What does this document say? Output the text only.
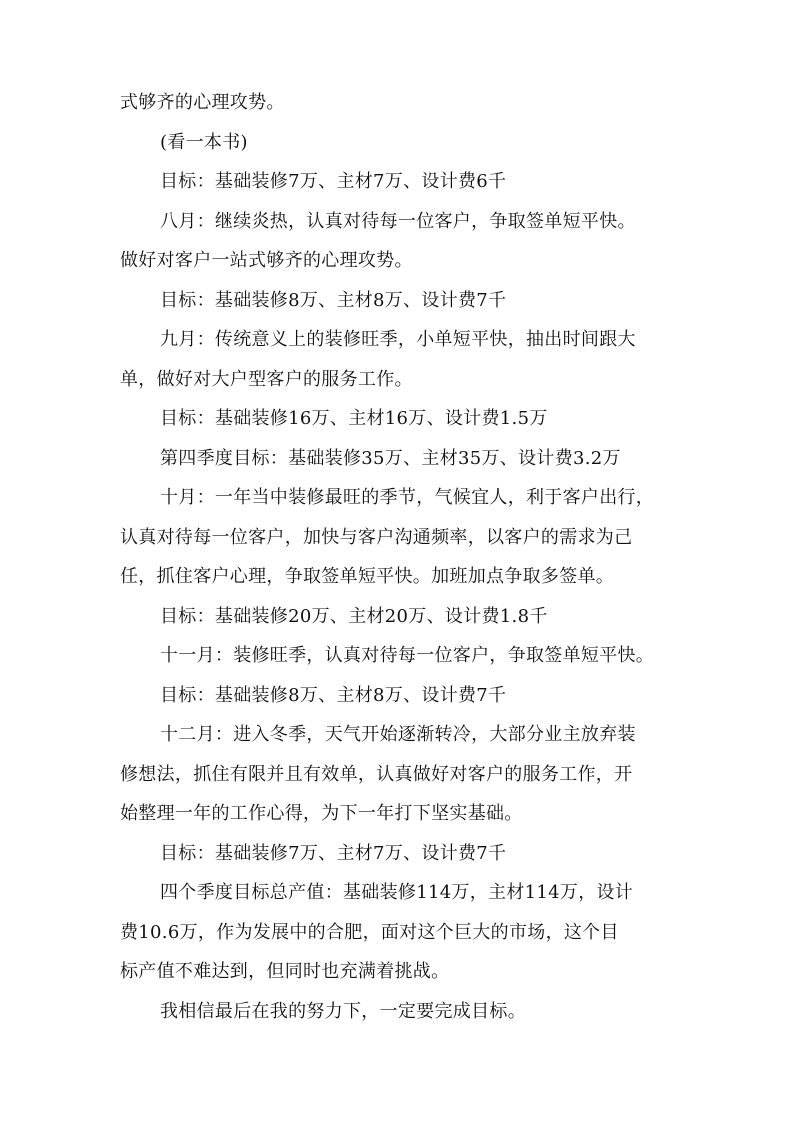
式够齐的心理攻势。

(看一本书)

目标：基础装修7万、主材7万、设计费6千

八月：继续炎热，认真对待每一位客户，争取签单短平快。

做好对客户一站式够齐的心理攻势。

目标：基础装修8万、主材8万、设计费7千

九月：传统意义上的装修旺季，小单短平快，抽出时间跟大

单，做好对大户型客户的服务工作。

目标：基础装修16万、主材16万、设计费1.5万

第四季度目标：基础装修35万、主材35万、设计费3.2万

十月：一年当中装修最旺的季节，气候宜人，利于客户出行，

认真对待每一位客户，加快与客户沟通频率，以客户的需求为己

任，抓住客户心理，争取签单短平快。加班加点争取多签单。

目标：基础装修20万、主材20万、设计费1.8千

十一月：装修旺季，认真对待每一位客户，争取签单短平快。

目标：基础装修8万、主材8万、设计费7千

十二月：进入冬季，天气开始逐渐转冷，大部分业主放弃装

修想法，抓住有限并且有效单，认真做好对客户的服务工作，开

始整理一年的工作心得，为下一年打下坚实基础。

目标：基础装修7万、主材7万、设计费7千

四个季度目标总产值：基础装修114万，主材114万，设计

费10.6万，作为发展中的合肥，面对这个巨大的市场，这个目

标产值不难达到，但同时也充满着挑战。

我相信最后在我的努力下，一定要完成目标。
